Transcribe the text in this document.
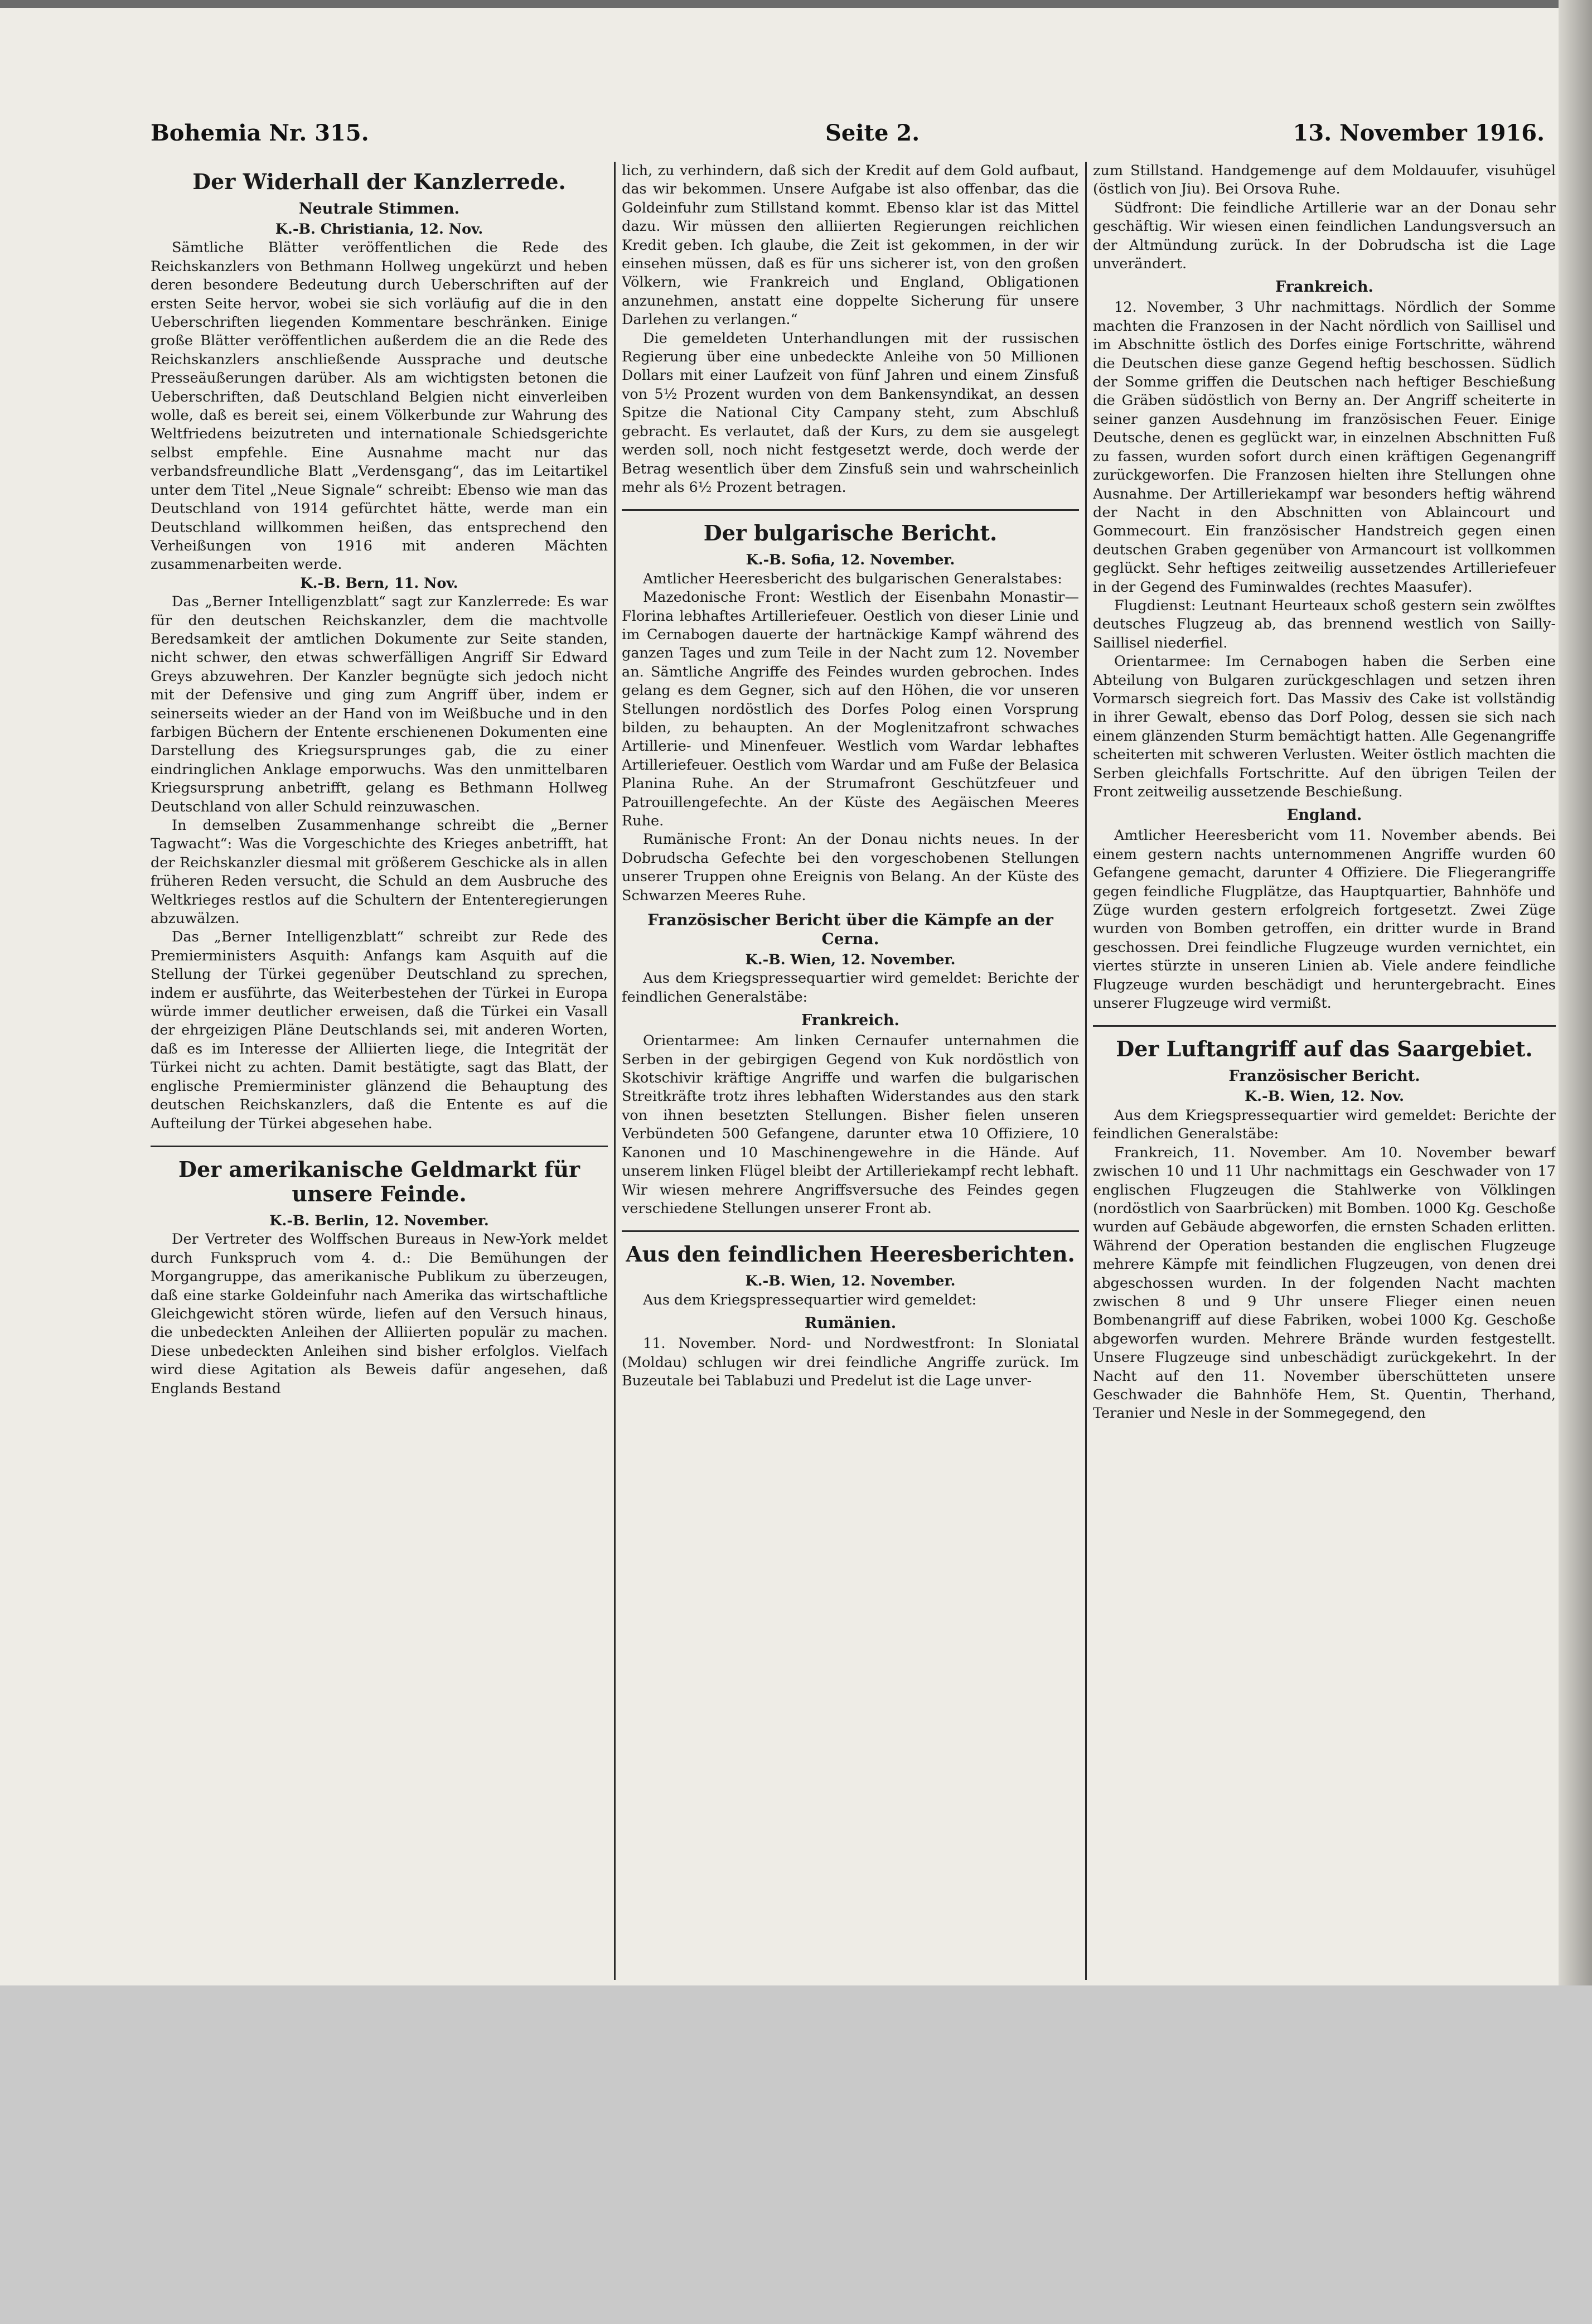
Bohemia Nr. 315.	Seite 2.	13. November 1916.
Der Widerhall der Kanzlerrede.
Neutrale Stimmen.

K.-B. Christiania, 12. Nov.

Sämtliche Blätter veröffentlichen die Rede des Reichskanzlers von Bethmann Hollweg ungekürzt und heben deren besondere Bedeutung durch Ueberschriften auf der ersten Seite hervor, wobei sie sich vorläufig auf die in den Ueberschriften liegenden Kommentare beschränken. Einige große Blätter veröffentlichen außerdem die an die Rede des Reichskanzlers anschließende Aussprache und deutsche Presseäußerungen darüber. Als am wichtigsten betonen die Ueberschriften, daß Deutschland Belgien nicht einverleiben wolle, daß es bereit sei, einem Völkerbunde zur Wahrung des Weltfriedens beizutreten und internationale Schiedsgerichte selbst empfehle. Eine Ausnahme macht nur das verbandsfreundliche Blatt „Verdensgang“, das im Leitartikel unter dem Titel „Neue Signale“ schreibt: Ebenso wie man das Deutschland von 1914 gefürchtet hätte, werde man ein Deutschland willkommen heißen, das entsprechend den Verheißungen von 1916 mit anderen Mächten zusammenarbeiten werde.

K.-B. Bern, 11. Nov.

Das „Berner Intelligenzblatt“ sagt zur Kanzlerrede: Es war für den deutschen Reichskanzler, dem die machtvolle Beredsamkeit der amtlichen Dokumente zur Seite standen, nicht schwer, den etwas schwerfälligen Angriff Sir Edward Greys abzuwehren. Der Kanzler begnügte sich jedoch nicht mit der Defensive und ging zum Angriff über, indem er seinerseits wieder an der Hand von im Weißbuche und in den farbigen Büchern der Entente erschienenen Dokumenten eine Darstellung des Kriegsursprunges gab, die zu einer eindringlichen Anklage emporwuchs. Was den unmittelbaren Kriegsursprung anbetrifft, gelang es Bethmann Hollweg Deutschland von aller Schuld reinzuwaschen.

In demselben Zusammenhange schreibt die „Berner Tagwacht“: Was die Vorgeschichte des Krieges anbetrifft, hat der Reichskanzler diesmal mit größerem Geschicke als in allen früheren Reden versucht, die Schuld an dem Ausbruche des Weltkrieges restlos auf die Schultern der Ententeregierungen abzuwälzen.

Das „Berner Intelligenzblatt“ schreibt zur Rede des Premierministers Asquith: Anfangs kam Asquith auf die Stellung der Türkei gegenüber Deutschland zu sprechen, indem er ausführte, das Weiterbestehen der Türkei in Europa würde immer deutlicher erweisen, daß die Türkei ein Vasall der ehrgeizigen Pläne Deutschlands sei, mit anderen Worten, daß es im Interesse der Alliierten liege, die Integrität der Türkei nicht zu achten. Damit bestätigte, sagt das Blatt, der englische Premierminister glänzend die Behauptung des deutschen Reichskanzlers, daß die Entente es auf die Aufteilung der Türkei abgesehen habe.

Der amerikanische Geldmarkt für unsere Feinde.

K.-B. Berlin, 12. November.

Der Vertreter des Wolffschen Bureaus in New-York meldet durch Funkspruch vom 4. d.: Die Bemühungen der Morgangruppe, das amerikanische Publikum zu überzeugen, daß eine starke Goldeinfuhr nach Amerika das wirtschaftliche Gleichgewicht stören würde, liefen auf den Versuch hinaus, die unbedeckten Anleihen der Alliierten populär zu machen. Diese unbedeckten Anleihen sind bisher erfolglos. Vielfach wird diese Agitation als Beweis dafür angesehen, daß Englands Bestand

lich, zu verhindern, daß sich der Kredit auf dem Gold aufbaut, das wir bekommen. Unsere Aufgabe ist also offenbar, das die Goldeinfuhr zum Stillstand kommt. Ebenso klar ist das Mittel dazu. Wir müssen den alliierten Regierungen reichlichen Kredit geben. Ich glaube, die Zeit ist gekommen, in der wir einsehen müssen, daß es für uns sicherer ist, von den großen Völkern, wie Frankreich und England, Obligationen anzunehmen, anstatt eine doppelte Sicherung für unsere Darlehen zu verlangen.“

Die gemeldeten Unterhandlungen mit der russischen Regierung über eine unbedeckte Anleihe von 50 Millionen Dollars mit einer Laufzeit von fünf Jahren und einem Zinsfuß von 5½ Prozent wurden von dem Bankensyndikat, an dessen Spitze die National City Campany steht, zum Abschluß gebracht. Es verlautet, daß der Kurs, zu dem sie ausgelegt werden soll, noch nicht festgesetzt werde, doch werde der Betrag wesentlich über dem Zinsfuß sein und wahrscheinlich mehr als 6½ Prozent betragen.

Der bulgarische Bericht.

K.-B. Sofia, 12. November.

Amtlicher Heeresbericht des bulgarischen Generalstabes:

Mazedonische Front: Westlich der Eisenbahn Monastir—Florina lebhaftes Artilleriefeuer. Oestlich von dieser Linie und im Cernabogen dauerte der hartnäckige Kampf während des ganzen Tages und zum Teile in der Nacht zum 12. November an. Sämtliche Angriffe des Feindes wurden gebrochen. Indes gelang es dem Gegner, sich auf den Höhen, die vor unseren Stellungen nordöstlich des Dorfes Polog einen Vorsprung bilden, zu behaupten. An der Moglenitzafront schwaches Artillerie- und Minenfeuer. Westlich vom Wardar lebhaftes Artilleriefeuer. Oestlich vom Wardar und am Fuße der Belasica Planina Ruhe. An der Strumafront Geschützfeuer und Patrouillengefechte. An der Küste des Aegäischen Meeres Ruhe.

Rumänische Front: An der Donau nichts neues. In der Dobrudscha Gefechte bei den vorgeschobenen Stellungen unserer Truppen ohne Ereignis von Belang. An der Küste des Schwarzen Meeres Ruhe.

Französischer Bericht über die Kämpfe an der Cerna.

K.-B. Wien, 12. November.

Aus dem Kriegspressequartier wird gemeldet: Berichte der feindlichen Generalstäbe:

Frankreich.

Orientarmee: Am linken Cernaufer unternahmen die Serben in der gebirgigen Gegend von Kuk nordöstlich von Skotschivir kräftige Angriffe und warfen die bulgarischen Streitkräfte trotz ihres lebhaften Widerstandes aus den stark von ihnen besetzten Stellungen. Bisher fielen unseren Verbündeten 500 Gefangene, darunter etwa 10 Offiziere, 10 Kanonen und 10 Maschinengewehre in die Hände. Auf unserem linken Flügel bleibt der Artilleriekampf recht lebhaft. Wir wiesen mehrere Angriffsversuche des Feindes gegen verschiedene Stellungen unserer Front ab.

Aus den feindlichen Heeresberichten.

K.-B. Wien, 12. November.

Aus dem Kriegspressequartier wird gemeldet:

Rumänien.

11. November. Nord- und Nordwestfront: In Sloniatal (Moldau) schlugen wir drei feindliche Angriffe zurück. Im Buzeutale bei Tablabuzi und Predelut ist die Lage unver-

zum Stillstand. Handgemenge auf dem Moldauufer, visuhügel (östlich von Jiu). Bei Orsova Ruhe.

Südfront: Die feindliche Artillerie war an der Donau sehr geschäftig. Wir wiesen einen feindlichen Landungsversuch an der Altmündung zurück. In der Dobrudscha ist die Lage unverändert.

Frankreich.

12. November, 3 Uhr nachmittags. Nördlich der Somme machten die Franzosen in der Nacht nördlich von Saillisel und im Abschnitte östlich des Dorfes einige Fortschritte, während die Deutschen diese ganze Gegend heftig beschossen. Südlich der Somme griffen die Deutschen nach heftiger Beschießung die Gräben südöstlich von Berny an. Der Angriff scheiterte in seiner ganzen Ausdehnung im französischen Feuer. Einige Deutsche, denen es geglückt war, in einzelnen Abschnitten Fuß zu fassen, wurden sofort durch einen kräftigen Gegenangriff zurückgeworfen. Die Franzosen hielten ihre Stellungen ohne Ausnahme. Der Artilleriekampf war besonders heftig während der Nacht in den Abschnitten von Ablaincourt und Gommecourt. Ein französischer Handstreich gegen einen deutschen Graben gegenüber von Armancourt ist vollkommen geglückt. Sehr heftiges zeitweilig aussetzendes Artilleriefeuer in der Gegend des Fuminwaldes (rechtes Maasufer).

Flugdienst: Leutnant Heurteaux schoß gestern sein zwölftes deutsches Flugzeug ab, das brennend westlich von Sailly-Saillisel niederfiel.

Orientarmee: Im Cernabogen haben die Serben eine Abteilung von Bulgaren zurückgeschlagen und setzen ihren Vormarsch siegreich fort. Das Massiv des Cake ist vollständig in ihrer Gewalt, ebenso das Dorf Polog, dessen sie sich nach einem glänzenden Sturm bemächtigt hatten. Alle Gegenangriffe scheiterten mit schweren Verlusten. Weiter östlich machten die Serben gleichfalls Fortschritte. Auf den übrigen Teilen der Front zeitweilig aussetzende Beschießung.

England.

Amtlicher Heeresbericht vom 11. November abends. Bei einem gestern nachts unternommenen Angriffe wurden 60 Gefangene gemacht, darunter 4 Offiziere. Die Fliegerangriffe gegen feindliche Flugplätze, das Hauptquartier, Bahnhöfe und Züge wurden gestern erfolgreich fortgesetzt. Zwei Züge wurden von Bomben getroffen, ein dritter wurde in Brand geschossen. Drei feindliche Flugzeuge wurden vernichtet, ein viertes stürzte in unseren Linien ab. Viele andere feindliche Flugzeuge wurden beschädigt und heruntergebracht. Eines unserer Flugzeuge wird vermißt.

Der Luftangriff auf das Saargebiet.
Französischer Bericht.

K.-B. Wien, 12. Nov.

Aus dem Kriegspressequartier wird gemeldet: Berichte der feindlichen Generalstäbe:

Frankreich, 11. November. Am 10. November bewarf zwischen 10 und 11 Uhr nachmittags ein Geschwader von 17 englischen Flugzeugen die Stahlwerke von Völklingen (nordöstlich von Saarbrücken) mit Bomben. 1000 Kg. Geschoße wurden auf Gebäude abgeworfen, die ernsten Schaden erlitten. Während der Operation bestanden die englischen Flugzeuge mehrere Kämpfe mit feindlichen Flugzeugen, von denen drei abgeschossen wurden. In der folgenden Nacht machten zwischen 8 und 9 Uhr unsere Flieger einen neuen Bombenangriff auf diese Fabriken, wobei 1000 Kg. Geschoße abgeworfen wurden. Mehrere Brände wurden festgestellt. Unsere Flugzeuge sind unbeschädigt zurückgekehrt. In der Nacht auf den 11. November überschütteten unsere Geschwader die Bahnhöfe Hem, St. Quentin, Therhand, Teranier und Nesle in der Sommegegend, den
